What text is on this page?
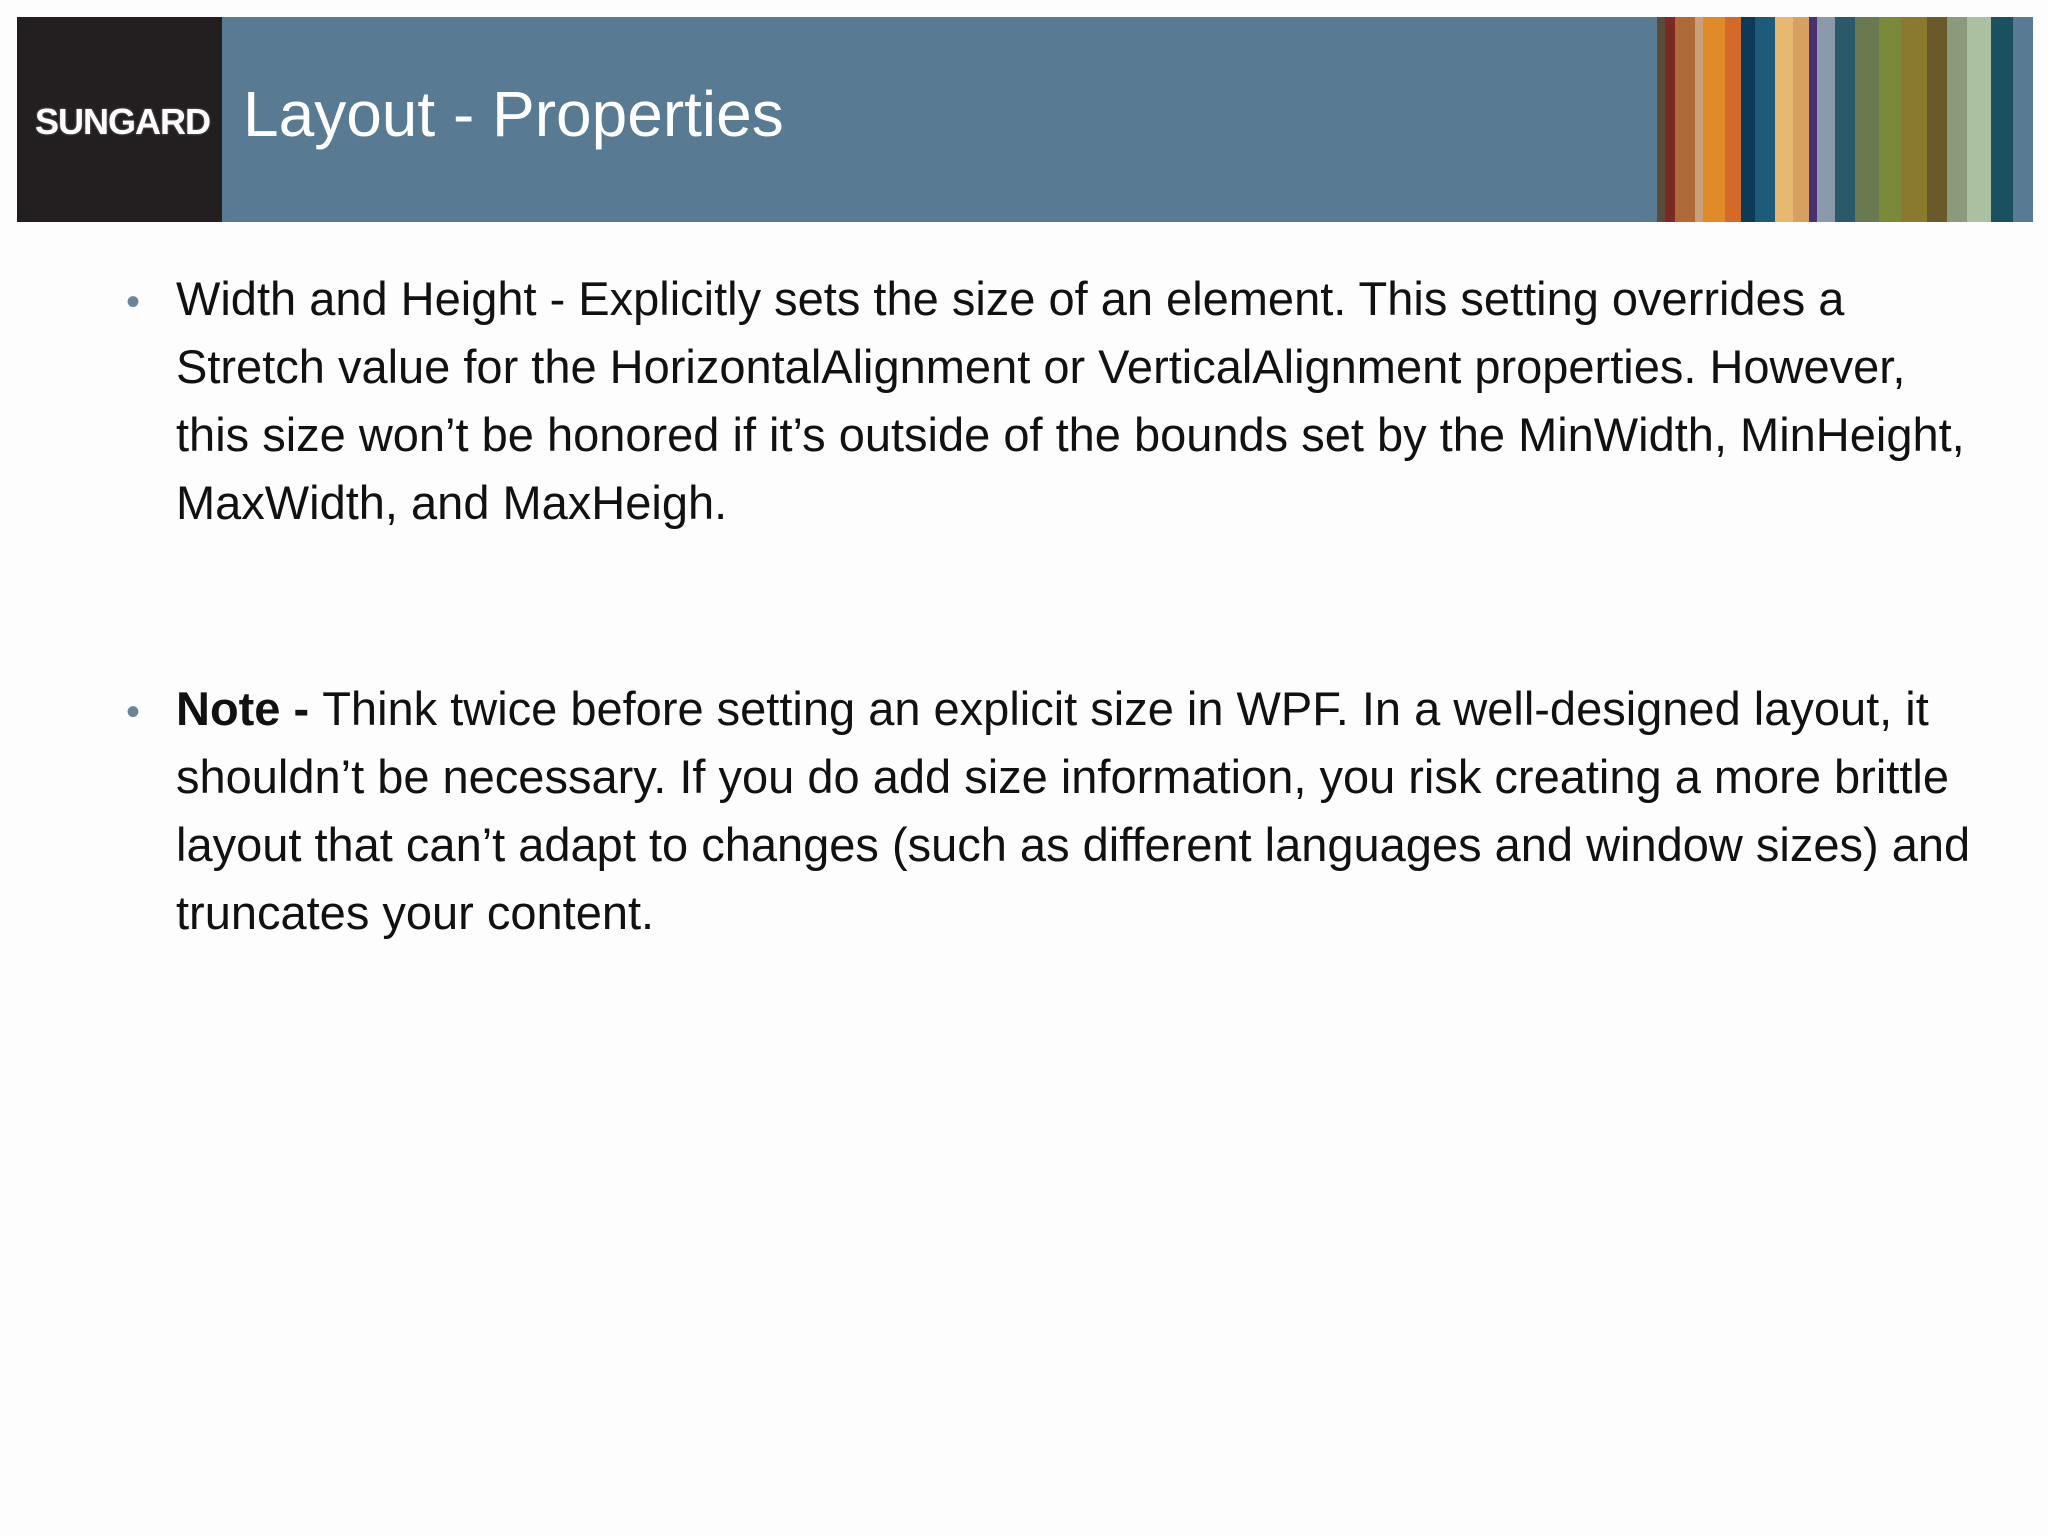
SUNGARD Layout - Properties
• Width and Height - Explicitly sets the size of an element. This setting overrides a Stretch value for the HorizontalAlignment or VerticalAlignment properties. However, this size won’t be honored if it’s outside of the bounds set by the MinWidth, MinHeight, MaxWidth, and MaxHeigh.
• Note - Think twice before setting an explicit size in WPF. In a well-designed layout, it shouldn’t be necessary. If you do add size information, you risk creating a more brittle layout that can’t adapt to changes (such as different languages and window sizes) and truncates your content.
